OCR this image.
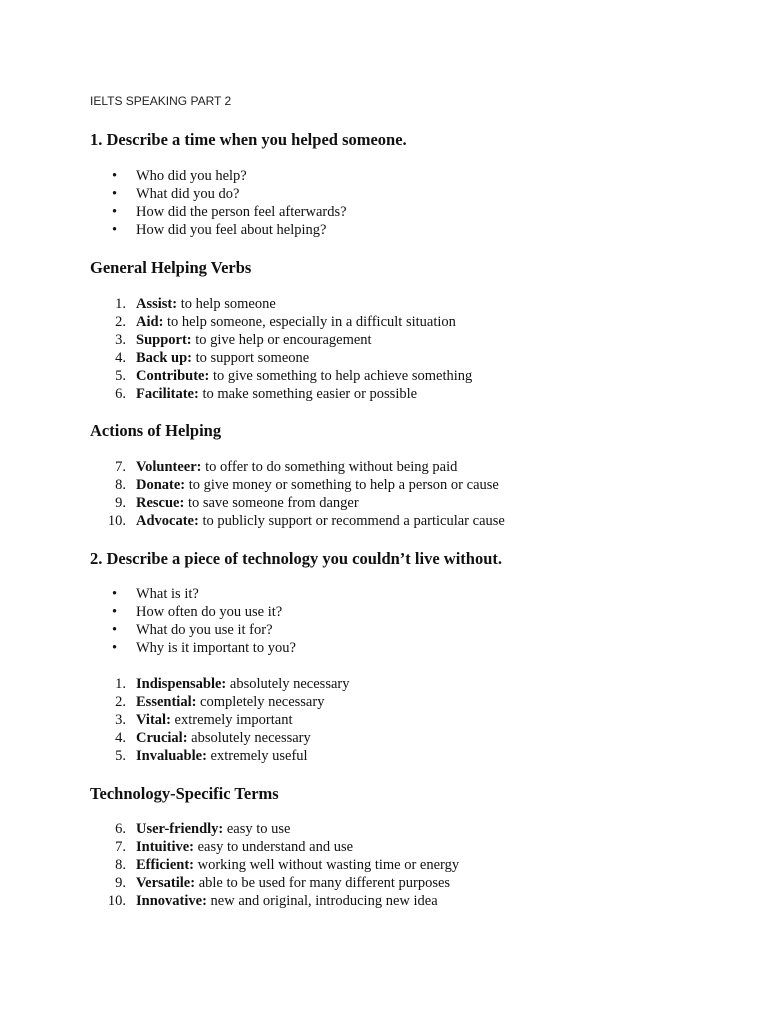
IELTS SPEAKING PART 2
1. Describe a time when you helped someone.
• Who did you help?
• What did you do?
• How did the person feel afterwards?
• How did you feel about helping?
General Helping Verbs
1. Assist: to help someone
2. Aid: to help someone, especially in a difficult situation
3. Support: to give help or encouragement
4. Back up: to support someone
5. Contribute: to give something to help achieve something
6. Facilitate: to make something easier or possible
Actions of Helping
7. Volunteer: to offer to do something without being paid
8. Donate: to give money or something to help a person or cause
9. Rescue: to save someone from danger
10. Advocate: to publicly support or recommend a particular cause
2. Describe a piece of technology you couldn’t live without.
• What is it?
• How often do you use it?
• What do you use it for?
• Why is it important to you?
1. Indispensable: absolutely necessary
2. Essential: completely necessary
3. Vital: extremely important
4. Crucial: absolutely necessary
5. Invaluable: extremely useful
Technology-Specific Terms
6. User-friendly: easy to use
7. Intuitive: easy to understand and use
8. Efficient: working well without wasting time or energy
9. Versatile: able to be used for many different purposes
10. Innovative: new and original, introducing new idea
